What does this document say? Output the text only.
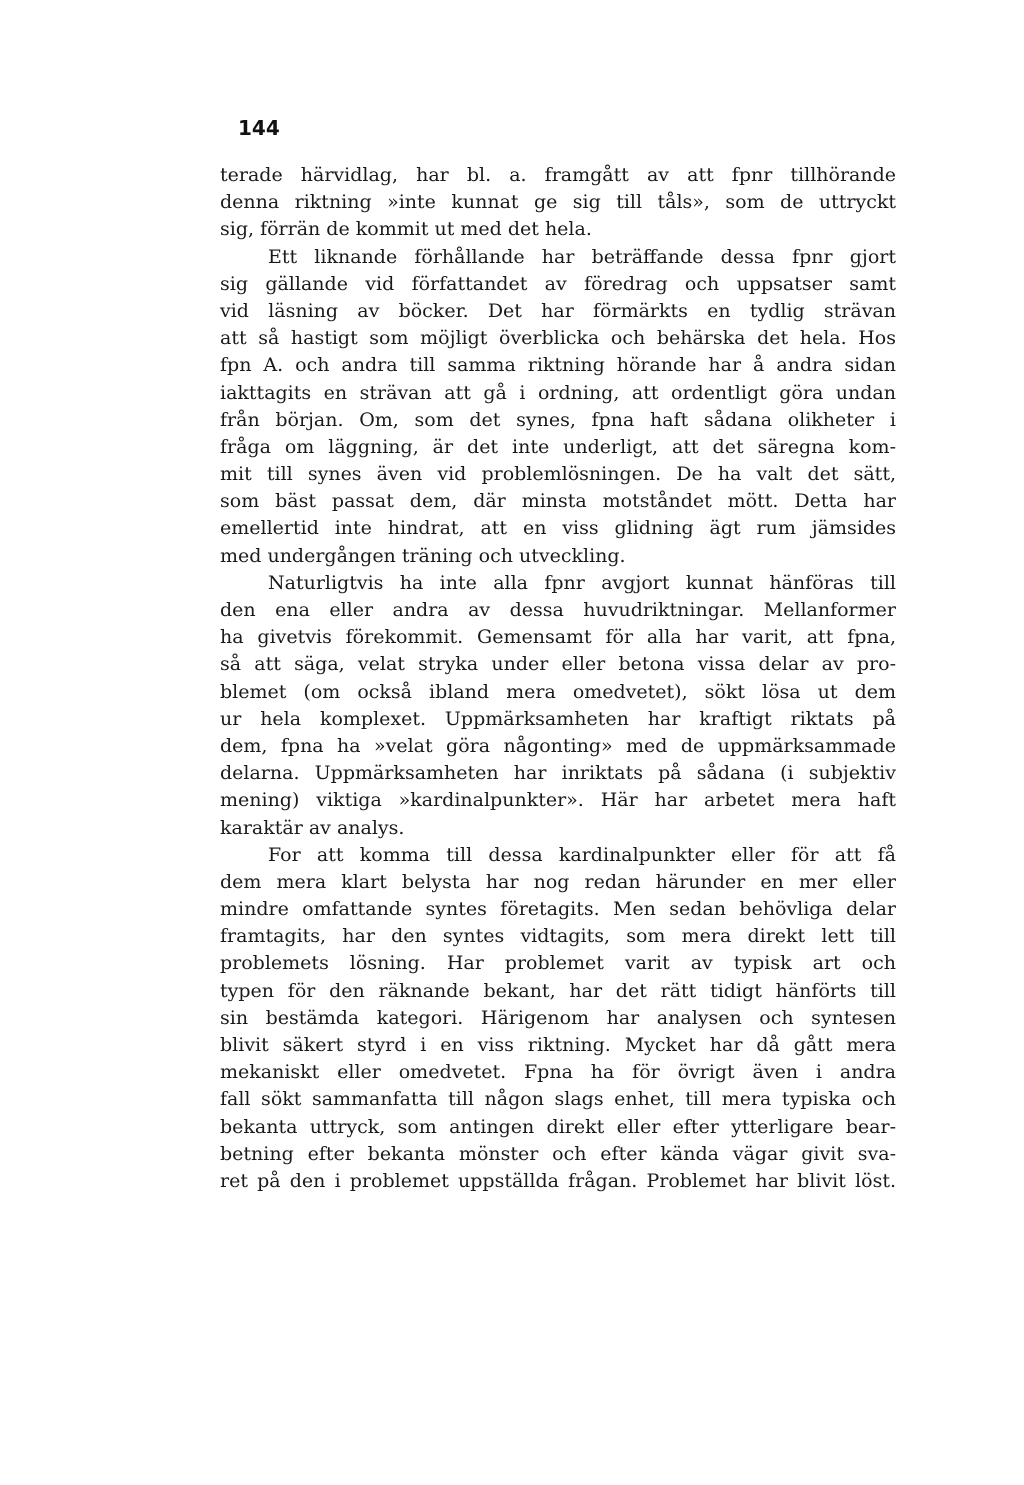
144

terade härvidlag, har bl. a. framgått av att fpnr tillhörande

denna riktning »inte kunnat ge sig till tåls», som de uttryckt

sig, förrän de kommit ut med det hela.

Ett liknande förhållande har beträffande dessa fpnr gjort

sig gällande vid författandet av föredrag och uppsatser samt

vid läsning av böcker. Det har förmärkts en tydlig strävan

att så hastigt som möjligt överblicka och behärska det hela. Hos

fpn A. och andra till samma riktning hörande har å andra sidan

iakttagits en strävan att gå i ordning, att ordentligt göra undan

från början. Om, som det synes, fpna haft sådana olikheter i

fråga om läggning, är det inte underligt, att det säregna kom-

mit till synes även vid problemlösningen. De ha valt det sätt,

som bäst passat dem, där minsta motståndet mött. Detta har

emellertid inte hindrat, att en viss glidning ägt rum jämsides

med undergången träning och utveckling.

Naturligtvis ha inte alla fpnr avgjort kunnat hänföras till

den ena eller andra av dessa huvudriktningar. Mellanformer

ha givetvis förekommit. Gemensamt för alla har varit, att fpna,

så att säga, velat stryka under eller betona vissa delar av pro-

blemet (om också ibland mera omedvetet), sökt lösa ut dem

ur hela komplexet. Uppmärksamheten har kraftigt riktats på

dem, fpna ha »velat göra någonting» med de uppmärksammade

delarna. Uppmärksamheten har inriktats på sådana (i subjektiv

mening) viktiga »kardinalpunkter». Här har arbetet mera haft

karaktär av analys.

For att komma till dessa kardinalpunkter eller för att få

dem mera klart belysta har nog redan härunder en mer eller

mindre omfattande syntes företagits. Men sedan behövliga delar

framtagits, har den syntes vidtagits, som mera direkt lett till

problemets lösning. Har problemet varit av typisk art och

typen för den räknande bekant, har det rätt tidigt hänförts till

sin bestämda kategori. Härigenom har analysen och syntesen

blivit säkert styrd i en viss riktning. Mycket har då gått mera

mekaniskt eller omedvetet. Fpna ha för övrigt även i andra

fall sökt sammanfatta till någon slags enhet, till mera typiska och

bekanta uttryck, som antingen direkt eller efter ytterligare bear-

betning efter bekanta mönster och efter kända vägar givit sva-

ret på den i problemet uppställda frågan. Problemet har blivit löst.
